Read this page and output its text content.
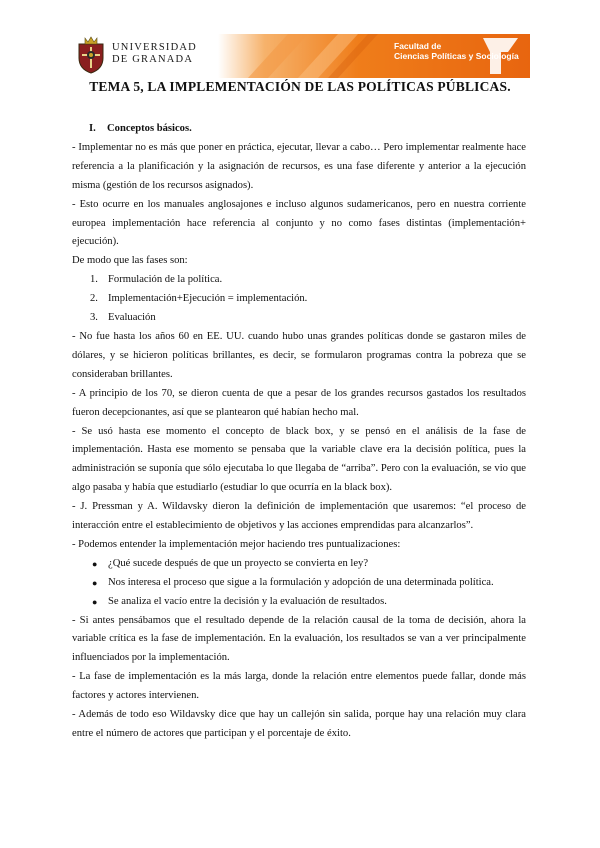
UNIVERSIDAD
DE GRANADA
Facultad de
Ciencias Políticas y Sociología
TEMA 5, LA IMPLEMENTACIÓN DE LAS POLÍTICAS PÚBLICAS.

I. Conceptos básicos.

- Implementar no es más que poner en práctica, ejecutar, llevar a cabo… Pero implementar realmente hace referencia a la planificación y la asignación de recursos, es una fase diferente y anterior a la ejecución misma (gestión de los recursos asignados).

- Esto ocurre en los manuales anglosajones e incluso algunos sudamericanos, pero en nuestra corriente europea implementación hace referencia al conjunto y no como fases distintas (implementación+ ejecución).

De modo que las fases son:

1. Formulación de la política.
2. Implementación+Ejecución = implementación.
3. Evaluación

- No fue hasta los años 60 en EE. UU. cuando hubo unas grandes políticas donde se gastaron miles de dólares, y se hicieron políticas brillantes, es decir, se formularon programas contra la pobreza que se consideraban brillantes.

- A principio de los 70, se dieron cuenta de que a pesar de los grandes recursos gastados los resultados fueron decepcionantes, así que se plantearon qué habían hecho mal.

- Se usó hasta ese momento el concepto de black box, y se pensó en el análisis de la fase de implementación. Hasta ese momento se pensaba que la variable clave era la decisión política, pues la administración se suponía que sólo ejecutaba lo que llegaba de “arriba”. Pero con la evaluación, se vio que algo pasaba y había que estudiarlo (estudiar lo que ocurría en la black box).

- J. Pressman y A. Wildavsky dieron la definición de implementación que usaremos: “el proceso de interacción entre el establecimiento de objetivos y las acciones emprendidas para alcanzarlos”.

- Podemos entender la implementación mejor haciendo tres puntualizaciones:

● ¿Qué sucede después de que un proyecto se convierta en ley?
● Nos interesa el proceso que sigue a la formulación y adopción de una determinada política.
● Se analiza el vacío entre la decisión y la evaluación de resultados.

- Si antes pensábamos que el resultado depende de la relación causal de la toma de decisión, ahora la variable crítica es la fase de implementación. En la evaluación, los resultados se van a ver principalmente influenciados por la implementación.

- La fase de implementación es la más larga, donde la relación entre elementos puede fallar, donde más factores y actores intervienen.

- Además de todo eso Wildavsky dice que hay un callejón sin salida, porque hay una relación muy clara entre el número de actores que participan y el porcentaje de éxito.
